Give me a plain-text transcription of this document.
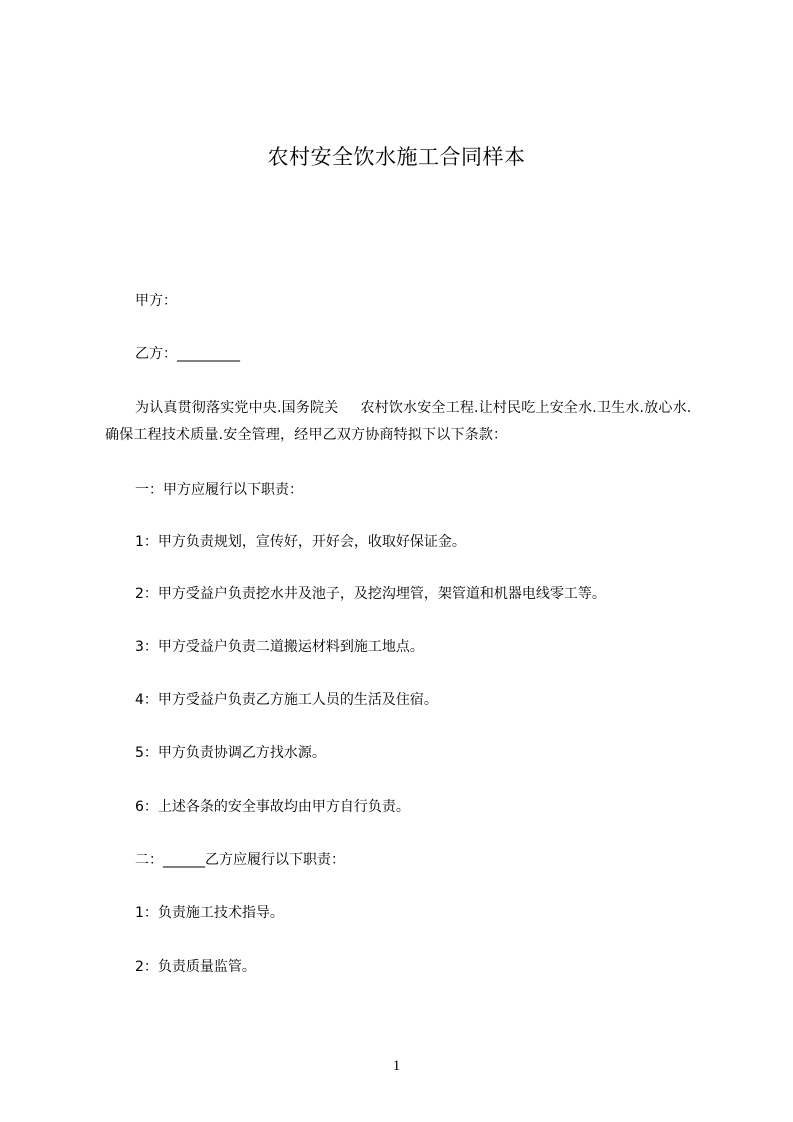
农村安全饮水施工合同样本
甲方：
乙方：_________
为认真贯彻落实党中央.国务院关 农村饮水安全工程.让村民吃上安全水.卫生水.放心水.确保工程技术质量.安全管理，经甲乙双方协商特拟下以下条款：
一：甲方应履行以下职责：
1：甲方负责规划，宣传好，开好会，收取好保证金。
2：甲方受益户负责挖水井及池子，及挖沟埋管，架管道和机器电线零工等。
3：甲方受益户负责二道搬运材料到施工地点。
4：甲方受益户负责乙方施工人员的生活及住宿。
5：甲方负责协调乙方找水源。
6：上述各条的安全事故均由甲方自行负责。
二：______乙方应履行以下职责：
1：负责施工技术指导。
2：负责质量监管。
1
